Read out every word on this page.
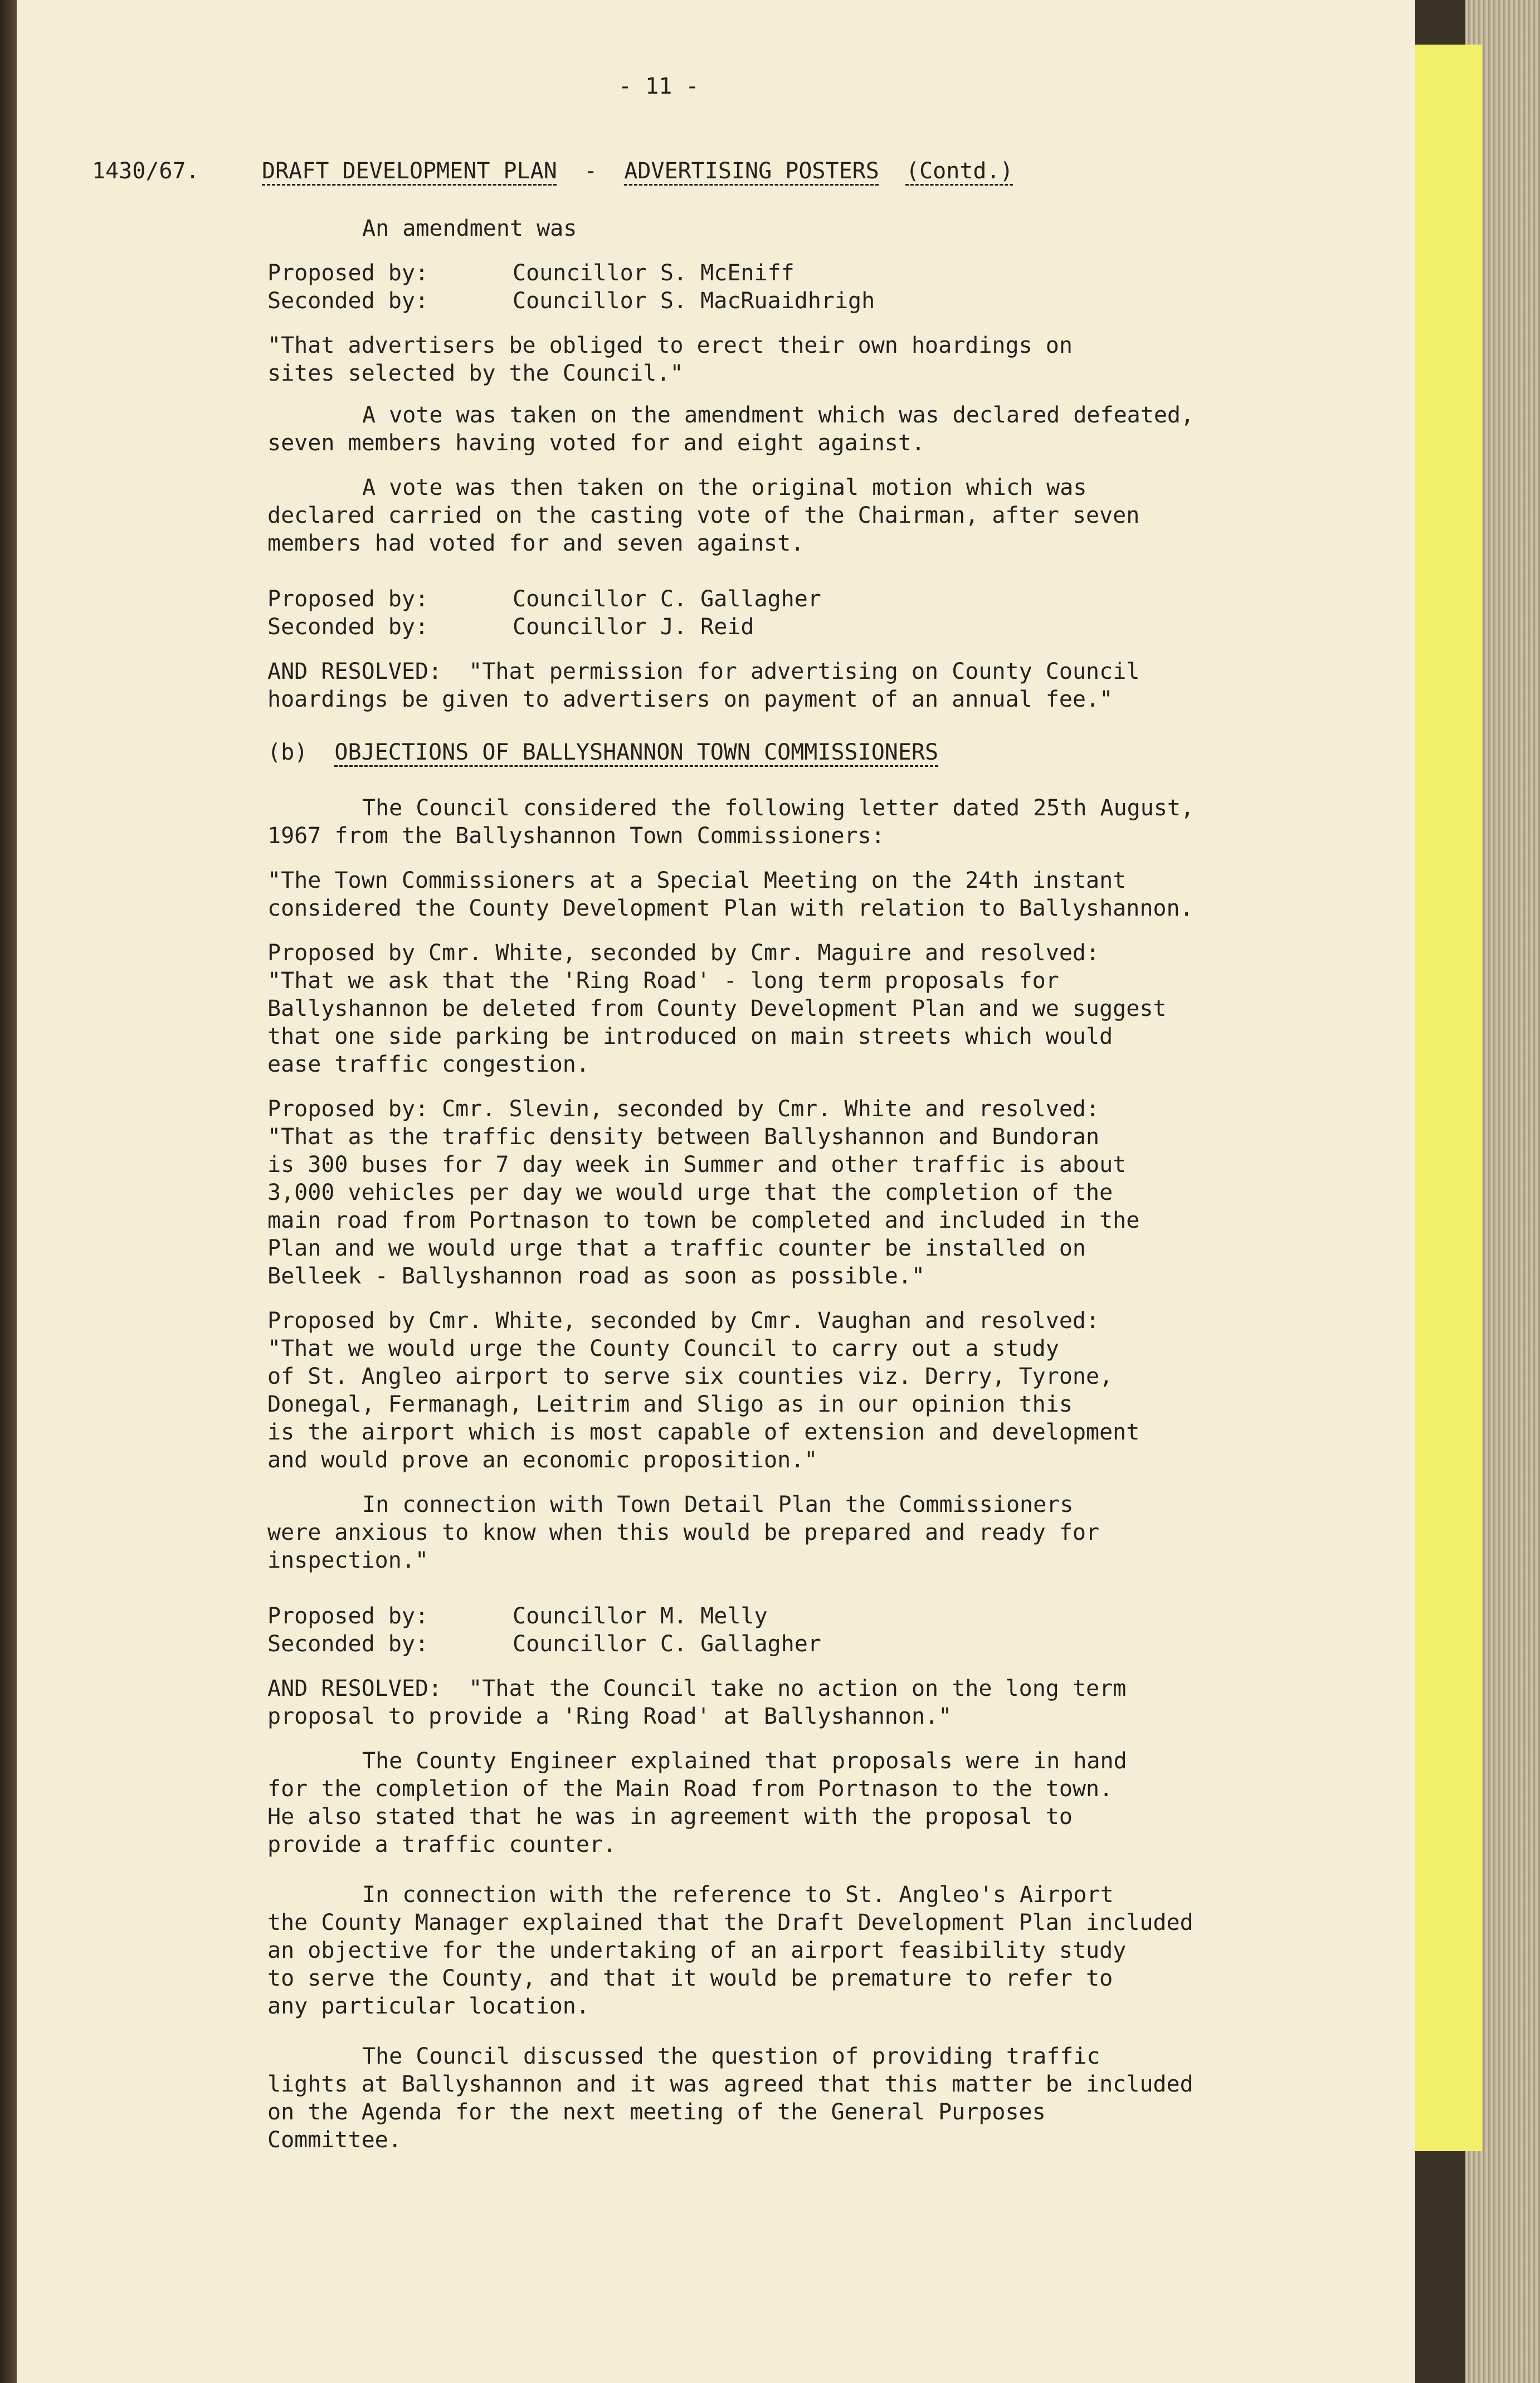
- 11 -
1430/67.	DRAFT DEVELOPMENT PLAN - ADVERTISING POSTERS (Contd.)
An amendment was
Proposed by:	Councillor S. McEniff
Seconded by:	Councillor S. MacRuaidhrigh
"That advertisers be obliged to erect their own hoardings on
sites selected by the Council."
A vote was taken on the amendment which was declared defeated,
seven members having voted for and eight against.
A vote was then taken on the original motion which was
declared carried on the casting vote of the Chairman, after seven
members had voted for and seven against.
Proposed by:	Councillor C. Gallagher
Seconded by:	Councillor J. Reid
AND RESOLVED: "That permission for advertising on County Council
hoardings be given to advertisers on payment of an annual fee."
(b) OBJECTIONS OF BALLYSHANNON TOWN COMMISSIONERS
The Council considered the following letter dated 25th August,
1967 from the Ballyshannon Town Commissioners:
"The Town Commissioners at a Special Meeting on the 24th instant
considered the County Development Plan with relation to Ballyshannon.
Proposed by Cmr. White, seconded by Cmr. Maguire and resolved:
"That we ask that the 'Ring Road' - long term proposals for
Ballyshannon be deleted from County Development Plan and we suggest
that one side parking be introduced on main streets which would
ease traffic congestion.
Proposed by: Cmr. Slevin, seconded by Cmr. White and resolved:
"That as the traffic density between Ballyshannon and Bundoran
is 300 buses for 7 day week in Summer and other traffic is about
3,000 vehicles per day we would urge that the completion of the
main road from Portnason to town be completed and included in the
Plan and we would urge that a traffic counter be installed on
Belleek - Ballyshannon road as soon as possible."
Proposed by Cmr. White, seconded by Cmr. Vaughan and resolved:
"That we would urge the County Council to carry out a study
of St. Angleo airport to serve six counties viz. Derry, Tyrone,
Donegal, Fermanagh, Leitrim and Sligo as in our opinion this
is the airport which is most capable of extension and development
and would prove an economic proposition."
In connection with Town Detail Plan the Commissioners
were anxious to know when this would be prepared and ready for
inspection."
Proposed by:	Councillor M. Melly
Seconded by:	Councillor C. Gallagher
AND RESOLVED: "That the Council take no action on the long term
proposal to provide a 'Ring Road' at Ballyshannon."
The County Engineer explained that proposals were in hand
for the completion of the Main Road from Portnason to the town.
He also stated that he was in agreement with the proposal to
provide a traffic counter.
In connection with the reference to St. Angleo's Airport
the County Manager explained that the Draft Development Plan included
an objective for the undertaking of an airport feasibility study
to serve the County, and that it would be premature to refer to
any particular location.
The Council discussed the question of providing traffic
lights at Ballyshannon and it was agreed that this matter be included
on the Agenda for the next meeting of the General Purposes
Committee.
